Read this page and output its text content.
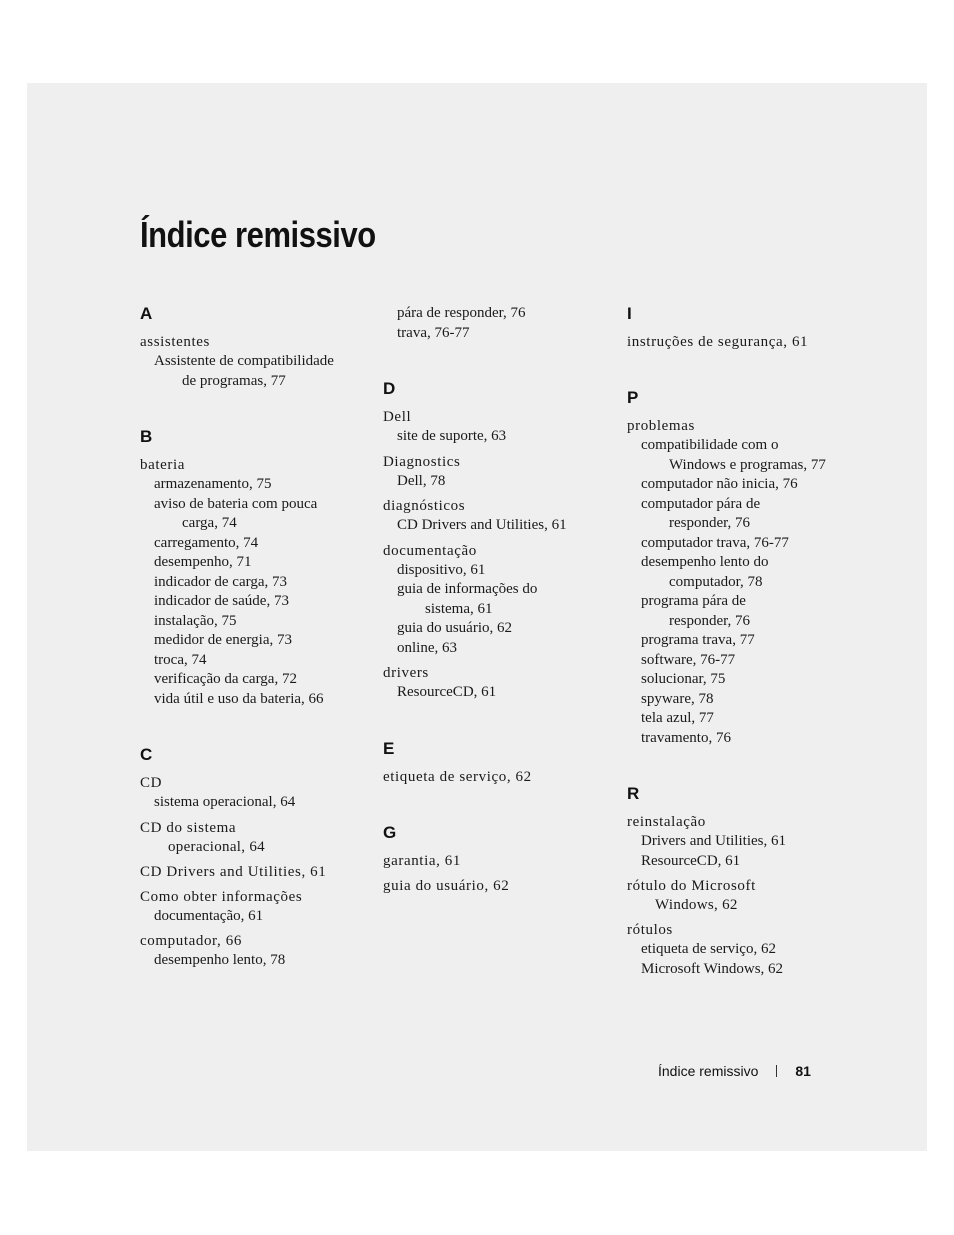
Índice remissivo
A
assistentes
Assistente de compatibilidade
de programas, 77
B
bateria
armazenamento, 75
aviso de bateria com pouca
carga, 74
carregamento, 74
desempenho, 71
indicador de carga, 73
indicador de saúde, 73
instalação, 75
medidor de energia, 73
troca, 74
verificação da carga, 72
vida útil e uso da bateria, 66
C
CD
sistema operacional, 64
CD do sistema
operacional, 64
CD Drivers and Utilities, 61
Como obter informações
documentação, 61
computador, 66
desempenho lento, 78
pára de responder, 76
trava, 76-77
D
Dell
site de suporte, 63
Diagnostics
Dell, 78
diagnósticos
CD Drivers and Utilities, 61
documentação
dispositivo, 61
guia de informações do
sistema, 61
guia do usuário, 62
online, 63
drivers
ResourceCD, 61
E
etiqueta de serviço, 62
G
garantia, 61
guia do usuário, 62
I
instruções de segurança, 61
P
problemas
compatibilidade com o
Windows e programas, 77
computador não inicia, 76
computador pára de
responder, 76
computador trava, 76-77
desempenho lento do
computador, 78
programa pára de
responder, 76
programa trava, 77
software, 76-77
solucionar, 75
spyware, 78
tela azul, 77
travamento, 76
R
reinstalação
Drivers and Utilities, 61
ResourceCD, 61
rótulo do Microsoft
Windows, 62
rótulos
etiqueta de serviço, 62
Microsoft Windows, 62
Índice remissivo	81
